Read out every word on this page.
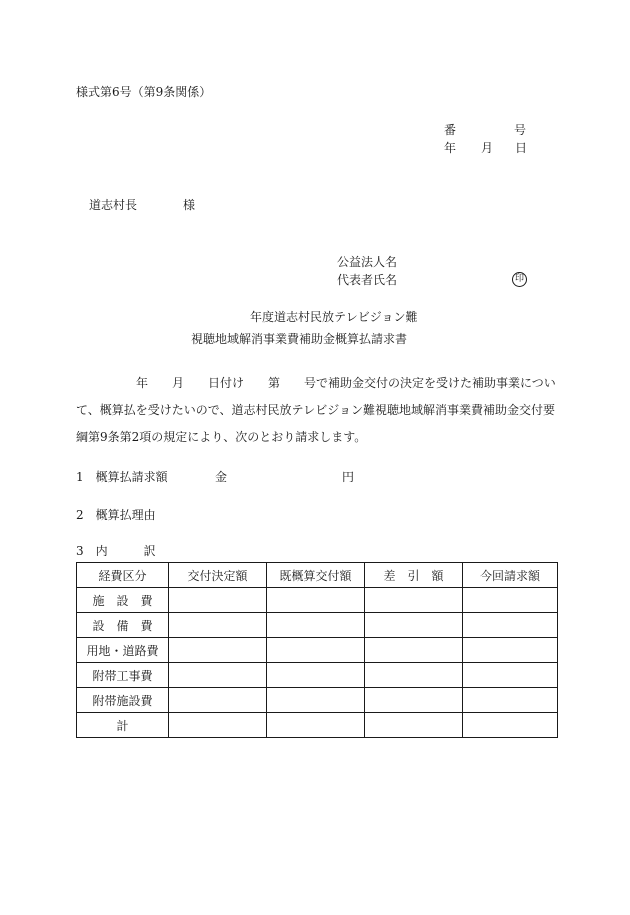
様式第6号（第9条関係）
番	号
年 月 日
道志村長	様
公益法人名
代表者氏名	印
年度道志村民放テレビジョン難
視聴地域解消事業費補助金概算払請求書
年　　月　　日付け　　第　　号で補助金交付の決定を受けた補助事業につい
て、概算払を受けたいので、道志村民放テレビジョン難視聴地域解消事業費補助金交付要
綱第9条第2項の規定により、次のとおり請求します。
1　概算払請求額	金	円
2　概算払理由
3　内　　　訳
経費区分	交付決定額	既概算交付額	差　引　額	今回請求額
施　設　費				
設　備　費				
用地・道路費				
附帯工事費				
附帯施設費				
計				
